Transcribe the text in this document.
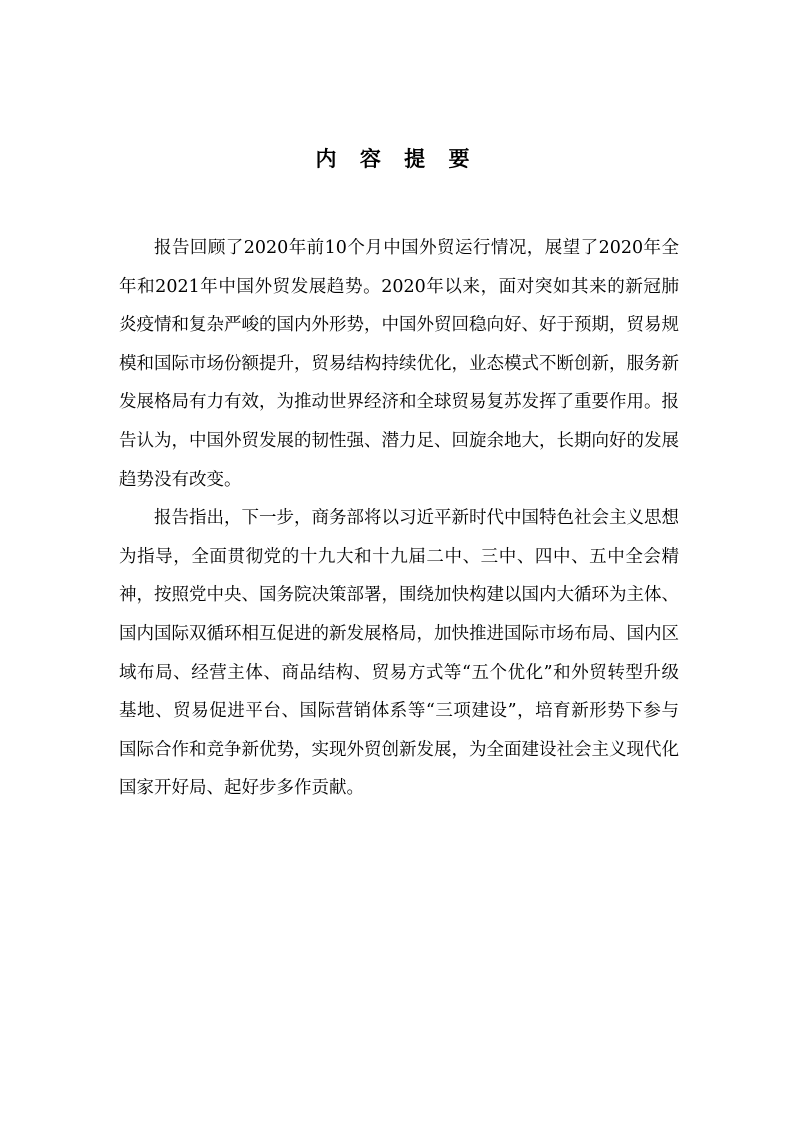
内 容 提 要

报告回顾了2020年前10个月中国外贸运行情况，展望了2020年全年和2021年中国外贸发展趋势。2020年以来，面对突如其来的新冠肺炎疫情和复杂严峻的国内外形势，中国外贸回稳向好、好于预期，贸易规模和国际市场份额提升，贸易结构持续优化，业态模式不断创新，服务新发展格局有力有效，为推动世界经济和全球贸易复苏发挥了重要作用。报告认为，中国外贸发展的韧性强、潜力足、回旋余地大，长期向好的发展趋势没有改变。

报告指出，下一步，商务部将以习近平新时代中国特色社会主义思想为指导，全面贯彻党的十九大和十九届二中、三中、四中、五中全会精神，按照党中央、国务院决策部署，围绕加快构建以国内大循环为主体、国内国际双循环相互促进的新发展格局，加快推进国际市场布局、国内区域布局、经营主体、商品结构、贸易方式等“五个优化”和外贸转型升级基地、贸易促进平台、国际营销体系等“三项建设”，培育新形势下参与国际合作和竞争新优势，实现外贸创新发展，为全面建设社会主义现代化国家开好局、起好步多作贡献。
